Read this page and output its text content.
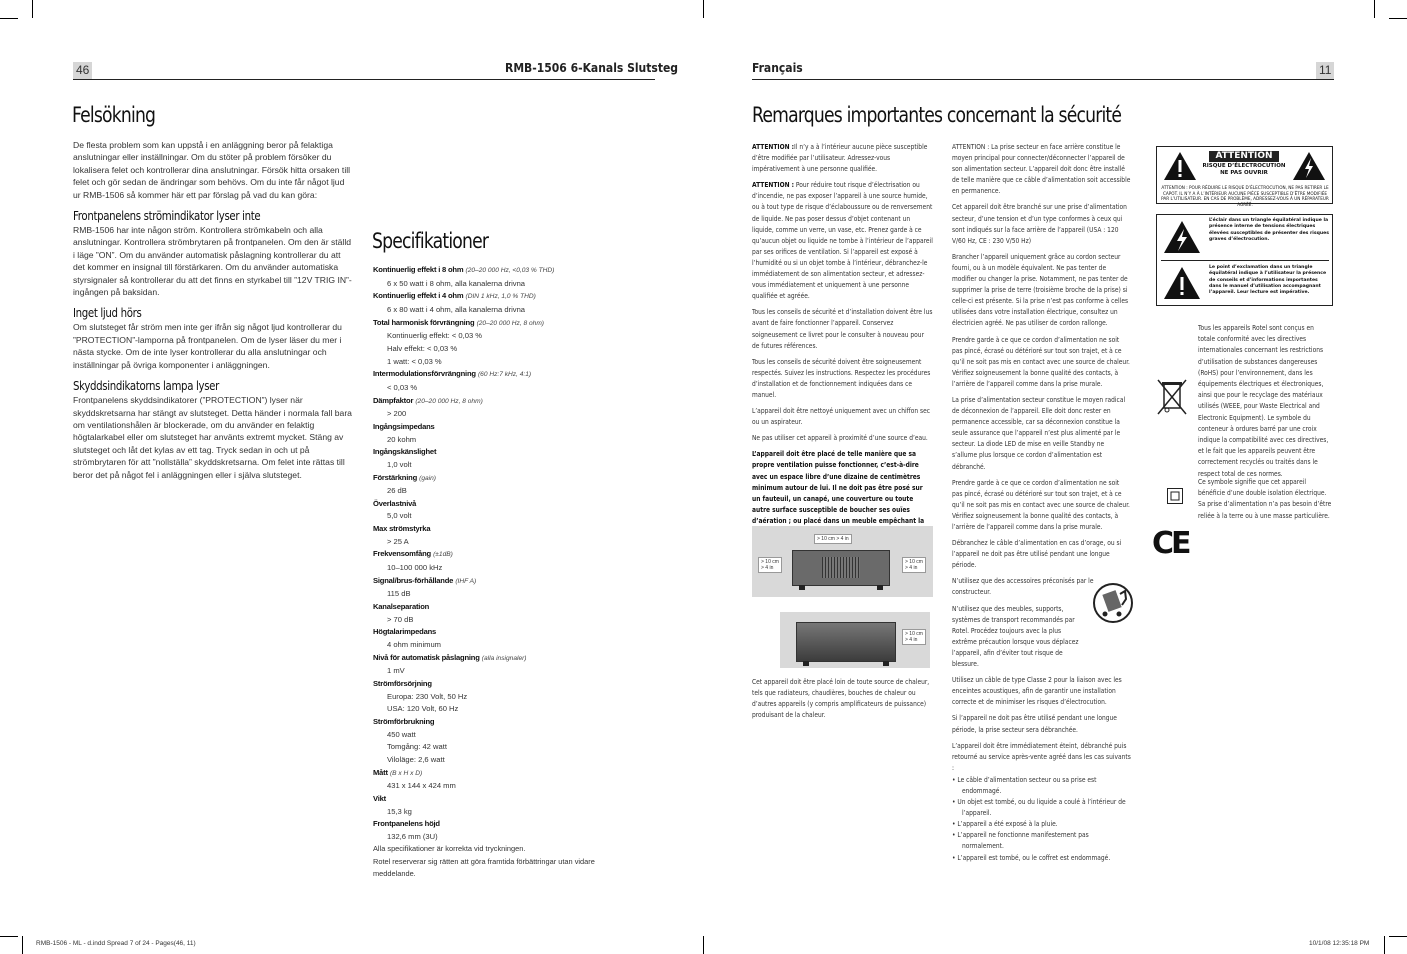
46	RMB-1506 6-Kanals Slutsteg
Felsökning

De flesta problem som kan uppstå i en anläggning beror på felaktiga anslutningar eller inställningar. Om du stöter på problem försöker du lokalisera felet och kontrollerar dina anslutningar. Försök hitta orsaken till felet och gör sedan de ändringar som behövs. Om du inte får något ljud ur RMB-1506 så kommer här ett par förslag på vad du kan göra:

Frontpanelens strömindikator lyser inte

RMB-1506 har inte någon ström. Kontrollera strömkabeln och alla anslutningar. Kontrollera strömbrytaren på frontpanelen. Om den är ställd i läge ”ON”. Om du använder automatisk påslagning kontrollerar du att det kommer en insignal till förstärkaren. Om du använder automatiska styrsignaler så kontrollerar du att det finns en styrkabel till ”12V TRIG IN”-ingången på baksidan.

Inget ljud hörs

Om slutsteget får ström men inte ger ifrån sig något ljud kontrollerar du ”PROTECTION”-lamporna på frontpanelen. Om de lyser läser du mer i nästa stycke. Om de inte lyser kontrollerar du alla anslutningar och inställningar på övriga komponenter i anläggningen.

Skyddsindikatorns lampa lyser

Frontpanelens skyddsindikatorer (”PROTECTION”) lyser när skyddskretsarna har stängt av slutsteget. Detta händer i normala fall bara om ventilationshålen är blockerade, om du använder en felaktig högtalarkabel eller om slutsteget har använts extremt mycket. Stäng av slutsteget och låt det kylas av ett tag. Tryck sedan in och ut på strömbrytaren för att ”nollställa” skyddskretsarna. Om felet inte rättas till beror det på något fel i anläggningen eller i själva slutsteget.

Specifikationer
Kontinuerlig effekt i 8 ohm (20–20 000 Hz, <0,03 % THD)
6 x 50 watt i 8 ohm, alla kanalerna drivna
Kontinuerlig effekt i 4 ohm (DIN 1 kHz, 1,0 % THD)
6 x 80 watt i 4 ohm, alla kanalerna drivna
Total harmonisk förvrängning (20–20 000 Hz, 8 ohm)
Kontinuerlig effekt: < 0,03 %
Halv effekt: < 0,03 %
1 watt: < 0,03 %
Intermodulationsförvrängning (60 Hz:7 kHz, 4:1)
< 0,03 %
Dämpfaktor (20–20 000 Hz, 8 ohm)
> 200
Ingångsimpedans
20 kohm
Ingångskänslighet
1,0 volt
Förstärkning (gain)
26 dB
Överlastnivå
5,0 volt
Max strömstyrka
> 25 A
Frekvensomfång (±1dB)
10–100 000 kHz
Signal/brus-förhållande (IHF A)
115 dB
Kanalseparation
> 70 dB
Högtalarimpedans
4 ohm minimum
Nivå för automatisk påslagning (alla insignaler)
1 mV
Strömförsörjning
Europa: 230 Volt, 50 Hz
USA: 120 Volt, 60 Hz
Strömförbrukning
450 watt
Tomgång: 42 watt
Viloläge: 2,6 watt
Mått (B x H x D)
431 x 144 x 424 mm
Vikt
15,3 kg
Frontpanelens höjd
132,6 mm (3U)
Alla specifikationer är korrekta vid tryckningen.
Rotel reserverar sig rätten att göra framtida förbättringar utan vidare meddelande.
Français	11
Remarques importantes concernant la sécurité

ATTENTION :Il n’y a à l’intérieur aucune pièce susceptible d’être modifiée par l’utilisateur. Adressez-vous impérativement à une personne qualifiée.

ATTENTION : Pour réduire tout risque d’électrisation ou d’incendie, ne pas exposer l’appareil à une source humide, ou à tout type de risque d’éclaboussure ou de renversement de liquide. Ne pas poser dessus d’objet contenant un liquide, comme un verre, un vase, etc. Prenez garde à ce qu’aucun objet ou liquide ne tombe à l’intérieur de l’appareil par ses orifices de ventilation. Si l’appareil est exposé à l’humidité ou si un objet tombe à l’intérieur, débranchez-le immédiatement de son alimentation secteur, et adressez-vous immédiatement et uniquement à une personne qualifiée et agréée.

Tous les conseils de sécurité et d’installation doivent être lus avant de faire fonctionner l’appareil. Conservez soigneusement ce livret pour le consulter à nouveau pour de futures références.

Tous les conseils de sécurité doivent être soigneusement respectés. Suivez les instructions. Respectez les procédures d’installation et de fonctionnement indiquées dans ce manuel.

L’appareil doit être nettoyé uniquement avec un chiffon sec ou un aspirateur.

Ne pas utiliser cet appareil à proximité d’une source d’eau.

L’appareil doit être placé de telle manière que sa propre ventilation puisse fonctionner, c’est-à-dire avec un espace libre d’une dizaine de centimètres minimum autour de lui. Il ne doit pas être posé sur un fauteuil, un canapé, une couverture ou toute autre surface susceptible de boucher ses ouïes d’aération ; ou placé dans un meuble empêchant la

> 10 cm > 4 in
> 10 cm
> 4 in
> 10 cm
> 4 in
> 10 cm
> 4 in

Cet appareil doit être placé loin de toute source de chaleur, tels que radiateurs, chaudières, bouches de chaleur ou d’autres appareils (y compris amplificateurs de puissance) produisant de la chaleur.

ATTENTION : La prise secteur en face arrière constitue le moyen principal pour connecter/déconnecter l’appareil de son alimentation secteur. L’appareil doit donc être installé de telle manière que ce câble d’alimentation soit accessible en permanence.

Cet appareil doit être branché sur une prise d’alimentation secteur, d’une tension et d’un type conformes à ceux qui sont indiqués sur la face arrière de l’appareil (USA : 120 V/60 Hz, CE : 230 V/50 Hz)

Brancher l’appareil uniquement grâce au cordon secteur fourni, ou à un modèle équivalent. Ne pas tenter de modifier ou changer la prise. Notamment, ne pas tenter de supprimer la prise de terre (troisième broche de la prise) si celle-ci est présente. Si la prise n’est pas conforme à celles utilisées dans votre installation électrique, consultez un électricien agréé. Ne pas utiliser de cordon rallonge.

Prendre garde à ce que ce cordon d’alimentation ne soit pas pincé, écrasé ou détérioré sur tout son trajet, et à ce qu’il ne soit pas mis en contact avec une source de chaleur. Vérifiez soigneusement la bonne qualité des contacts, à l’arrière de l’appareil comme dans la prise murale.

La prise d’alimentation secteur constitue le moyen radical de déconnexion de l’appareil. Elle doit donc rester en permanence accessible, car sa déconnexion constitue la seule assurance que l’appareil n’est plus alimenté par le secteur. La diode LED de mise en veille Standby ne s’allume plus lorsque ce cordon d’alimentation est débranché.

Prendre garde à ce que ce cordon d’alimentation ne soit pas pincé, écrasé ou détérioré sur tout son trajet, et à ce qu’il ne soit pas mis en contact avec une source de chaleur. Vérifiez soigneusement la bonne qualité des contacts, à l’arrière de l’appareil comme dans la prise murale.

Débranchez le câble d’alimentation en cas d’orage, ou si l’appareil ne doit pas être utilisé pendant une longue période.

N’utilisez que des accessoires préconisés par le constructeur.

N’utilisez que des meubles, supports, systèmes de transport recommandés par Rotel. Procédez toujours avec la plus extrême précaution lorsque vous déplacez l’appareil, afin d’éviter tout risque de blessure.

Utilisez un câble de type Classe 2 pour la liaison avec les enceintes acoustiques, afin de garantir une installation correcte et de minimiser les risques d’électrocution.

Si l’appareil ne doit pas être utilisé pendant une longue période, la prise secteur sera débranchée.

L’appareil doit être immédiatement éteint, débranché puis retourné au service après-vente agréé dans les cas suivants :

• Le câble d’alimentation secteur ou sa prise est endommagé.
• Un objet est tombé, ou du liquide a coulé à l’intérieur de l’appareil.
• L’appareil a été exposé à la pluie.
• L’appareil ne fonctionne manifestement pas normalement.
• L’appareil est tombé, ou le coffret est endommagé.
ATTENTION
RISQUE D’ÉLECTROCUTION
NE PAS OUVRIR
ATTENTION : POUR RÉDUIRE LE RISQUE D’ÉLECTROCUTION, NE PAS RETIRER LE CAPOT. IL N’Y A À L’INTÉRIEUR AUCUNE PIÈCE SUSCEPTIBLE D’ÊTRE MODIFIÉE PAR L’UTILISATEUR. EN CAS DE PROBLÈME, ADRESSEZ-VOUS À UN RÉPARATEUR AGRÉÉ.
L’éclair dans un triangle équilatéral indique la présence interne de tensions électriques élevées susceptibles de présenter des risques graves d’électrocution.
Le point d’exclamation dans un triangle équilatéral indique à l’utilisateur la présence de conseils et d’informations importantes dans le manuel d’utilisation accompagnant l’appareil. Leur lecture est impérative.
Tous les appareils Rotel sont conçus en totale conformité avec les directives internationales concernant les restrictions d’utilisation de substances dangereuses (RoHS) pour l’environnement, dans les équipements électriques et électroniques, ainsi que pour le recyclage des matériaux utilisés (WEEE, pour Waste Electrical and Electronic Equipment). Le symbole du conteneur à ordures barré par une croix indique la compatibilité avec ces directives, et le fait que les appareils peuvent être correctement recyclés ou traités dans le respect total de ces normes.
Ce symbole signifie que cet appareil bénéficie d’une double isolation électrique. Sa prise d’alimentation n’a pas besoin d’être reliée à la terre ou à une masse particulière.
CE
RMB-1506 - ML - d.indd Spread 7 of 24 - Pages(46, 11)	10/1/08 12:35:18 PM
